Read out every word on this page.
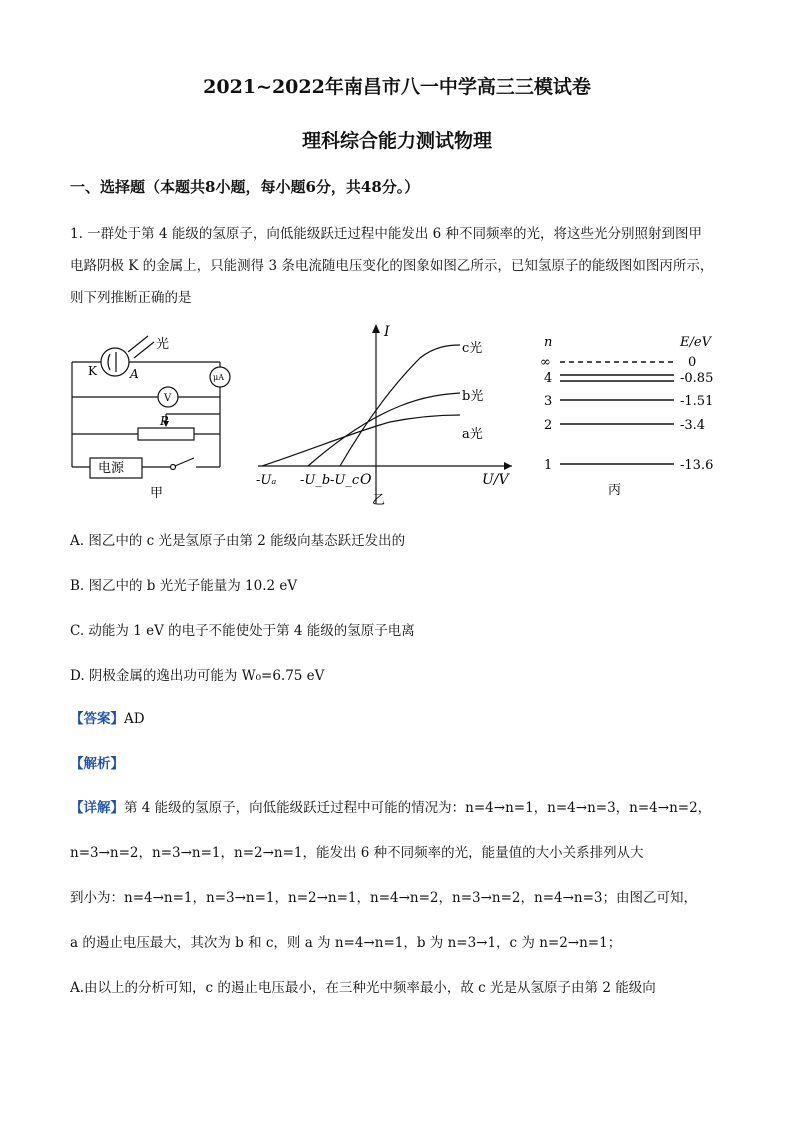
2021~2022年南昌市八一中学高三三模试卷
理科综合能力测试物理
一、选择题（本题共8小题，每小题6分，共48分。）
1. 一群处于第 4 能级的氢原子，向低能级跃迁过程中能发出 6 种不同频率的光，将这些光分别照射到图甲
电路阴极 K 的金属上，只能测得 3 条电流随电压变化的图象如图乙所示，已知氢原子的能级图如图丙所示，
则下列推断正确的是
光
K	A
V
μA
P
电源
甲
I
U/V
O
c光
b光
a光
-Uₐ -U_b -U_c
乙
n	E/eV
∞	0
4	-0.85
3	-1.51
2	-3.4
1	-13.6
丙
A. 图乙中的 c 光是氢原子由第 2 能级向基态跃迁发出的
B. 图乙中的 b 光光子能量为 10.2 eV
C. 动能为 1 eV 的电子不能使处于第 4 能级的氢原子电离
D. 阴极金属的逸出功可能为 W₀=6.75 eV
【答案】AD
【解析】
【详解】第 4 能级的氢原子，向低能级跃迁过程中可能的情况为：n=4→n=1，n=4→n=3，n=4→n=2，
n=3→n=2，n=3→n=1，n=2→n=1，能发出 6 种不同频率的光，能量值的大小关系排列从大
到小为：n=4→n=1，n=3→n=1，n=2→n=1，n=4→n=2，n=3→n=2，n=4→n=3；由图乙可知，
a 的遏止电压最大，其次为 b 和 c，则 a 为 n=4→n=1，b 为 n=3→1，c 为 n=2→n=1；
A.由以上的分析可知，c 的遏止电压最小，在三种光中频率最小，故 c 光是从氢原子由第 2 能级向
